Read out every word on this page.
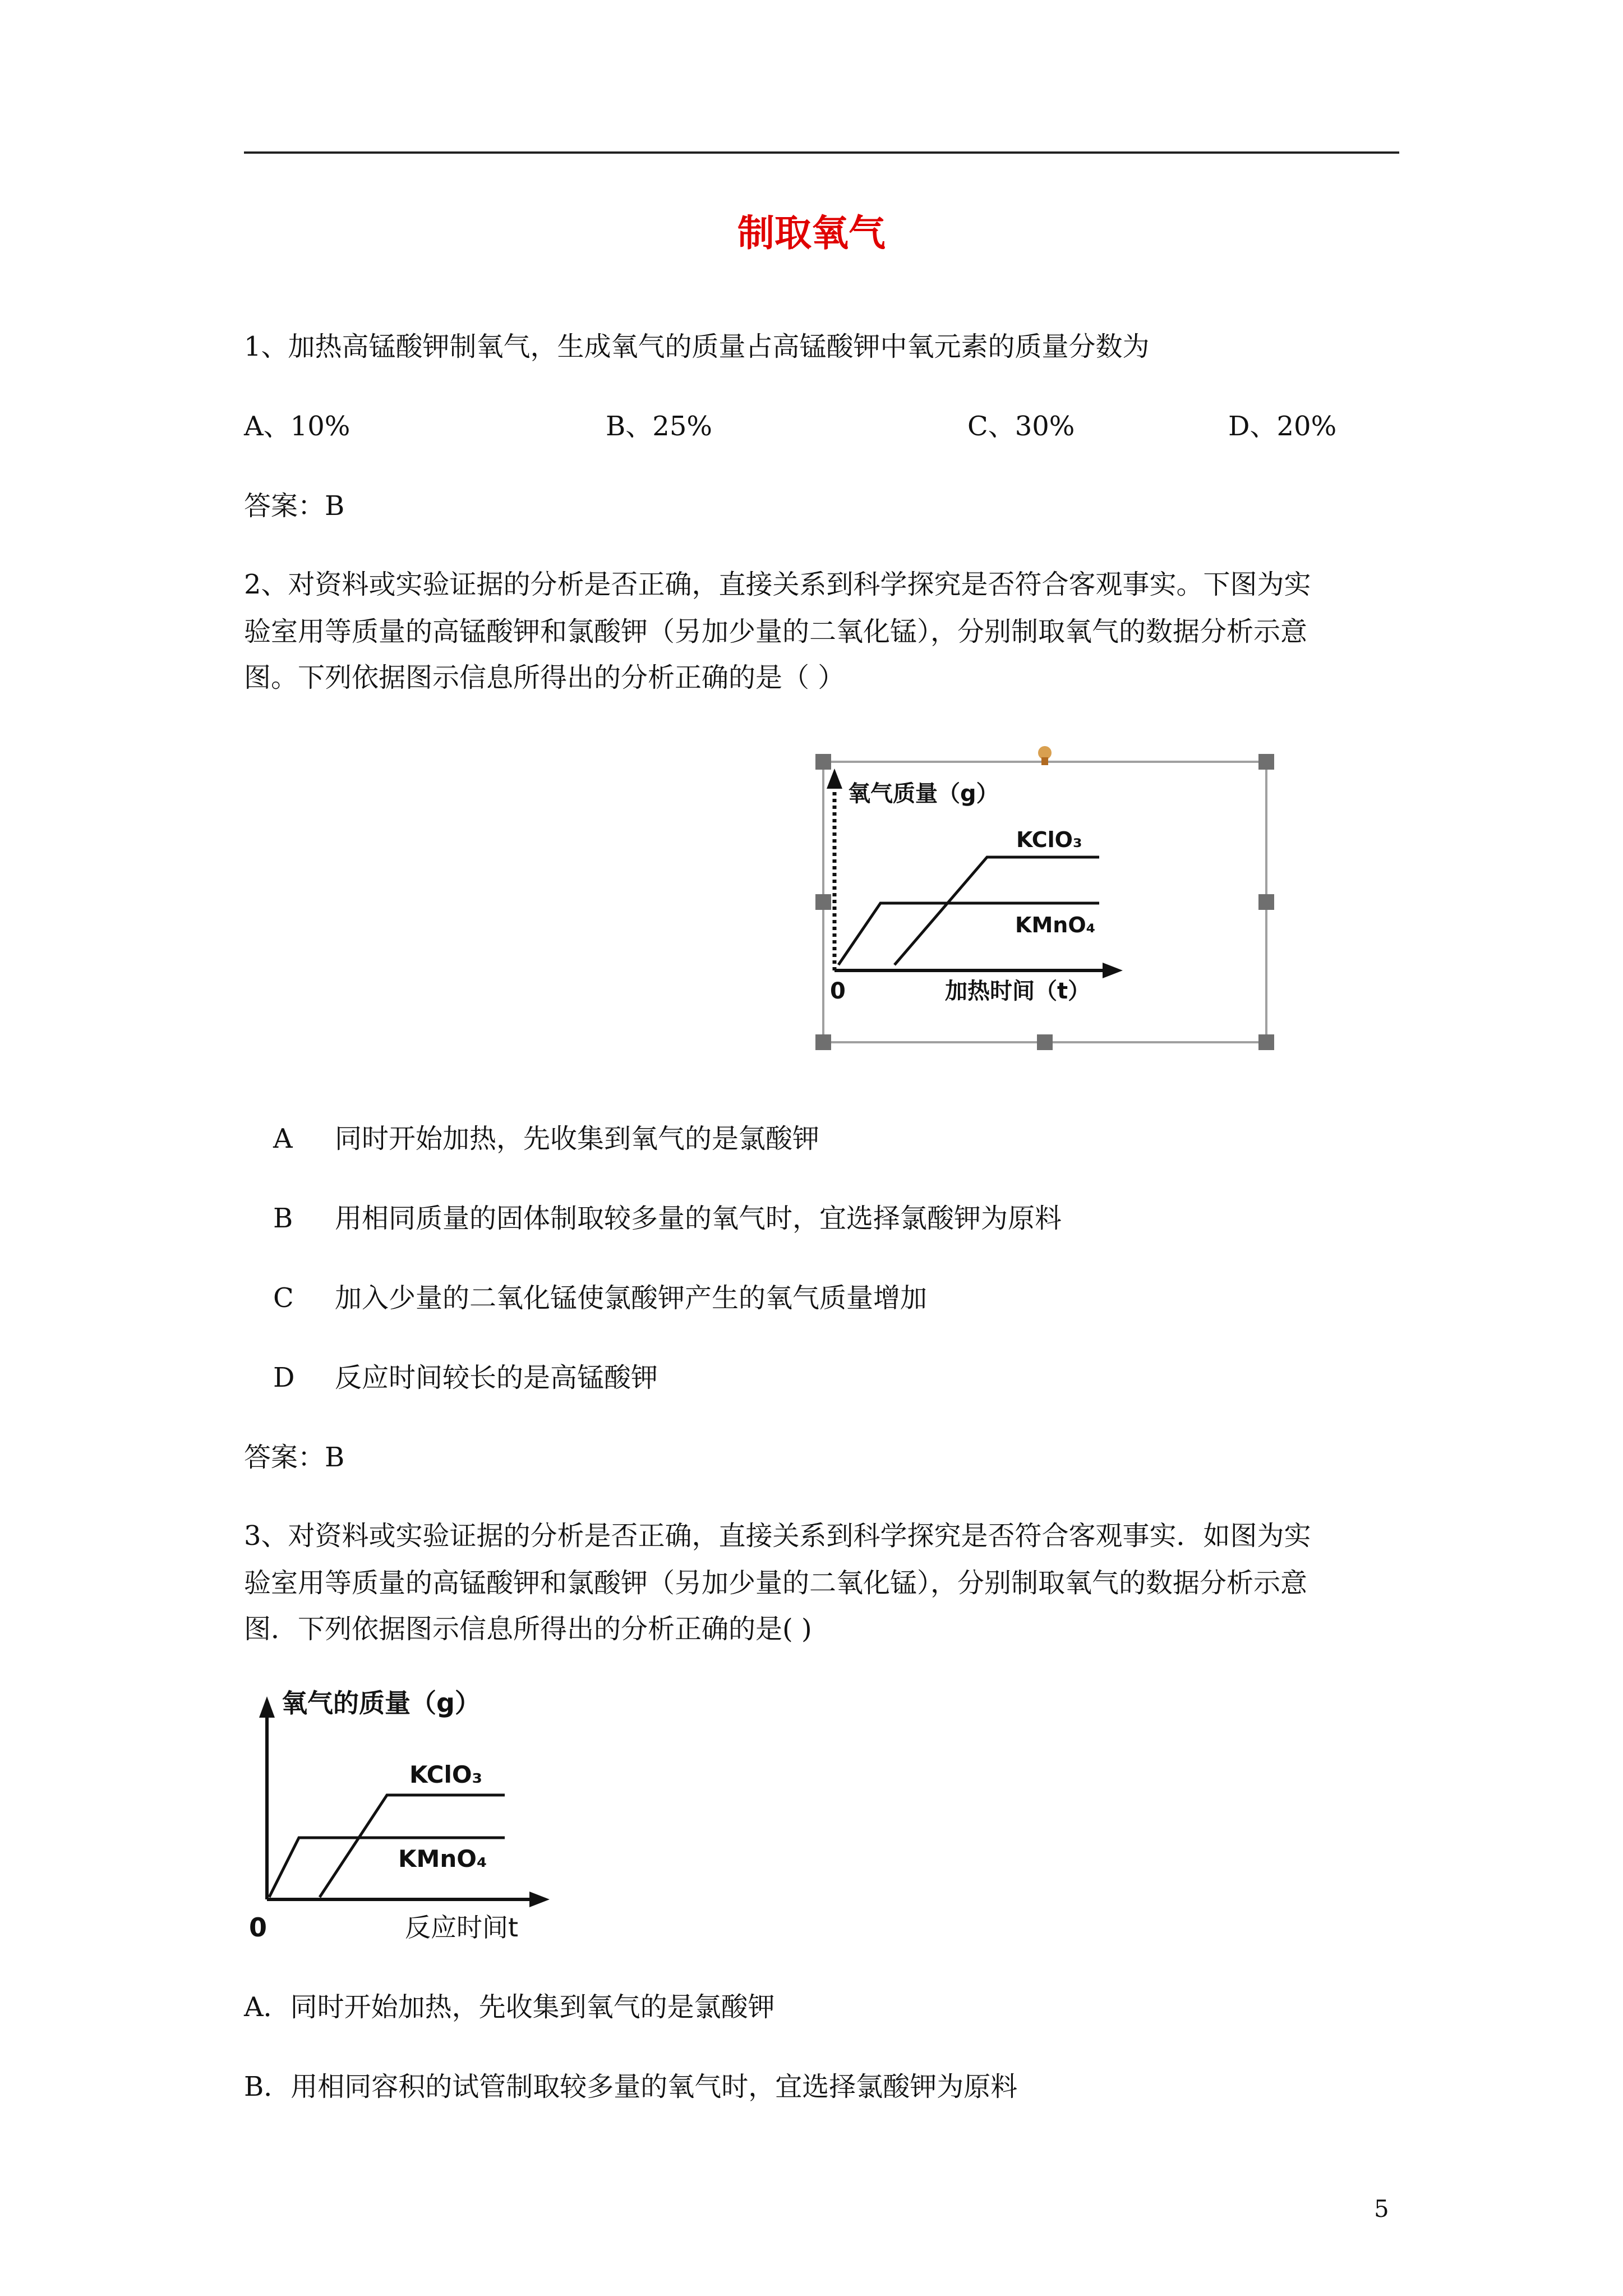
制取氧气
1、加热高锰酸钾制氧气，生成氧气的质量占高锰酸钾中氧元素的质量分数为
A、10%	B、25%	C、30%	D、20%
答案：B
2、对资料或实验证据的分析是否正确，直接关系到科学探究是否符合客观事实。下图为实
验室用等质量的高锰酸钾和氯酸钾（另加少量的二氧化锰），分别制取氧气的数据分析示意
图。下列依据图示信息所得出的分析正确的是（ ）
氧气质量（g）
KClO₃
KMnO₄
0	加热时间（t）
A 同时开始加热，先收集到氧气的是氯酸钾
B 用相同质量的固体制取较多量的氧气时，宜选择氯酸钾为原料
C 加入少量的二氧化锰使氯酸钾产生的氧气质量增加
D 反应时间较长的是高锰酸钾
答案：B
3、对资料或实验证据的分析是否正确，直接关系到科学探究是否符合客观事实．如图为实
验室用等质量的高锰酸钾和氯酸钾（另加少量的二氧化锰），分别制取氧气的数据分析示意
图．下列依据图示信息所得出的分析正确的是( )
氧气的质量（g）
KClO₃
KMnO₄
0	反应时间t
A．同时开始加热，先收集到氧气的是氯酸钾
B．用相同容积的试管制取较多量的氧气时，宜选择氯酸钾为原料
5
